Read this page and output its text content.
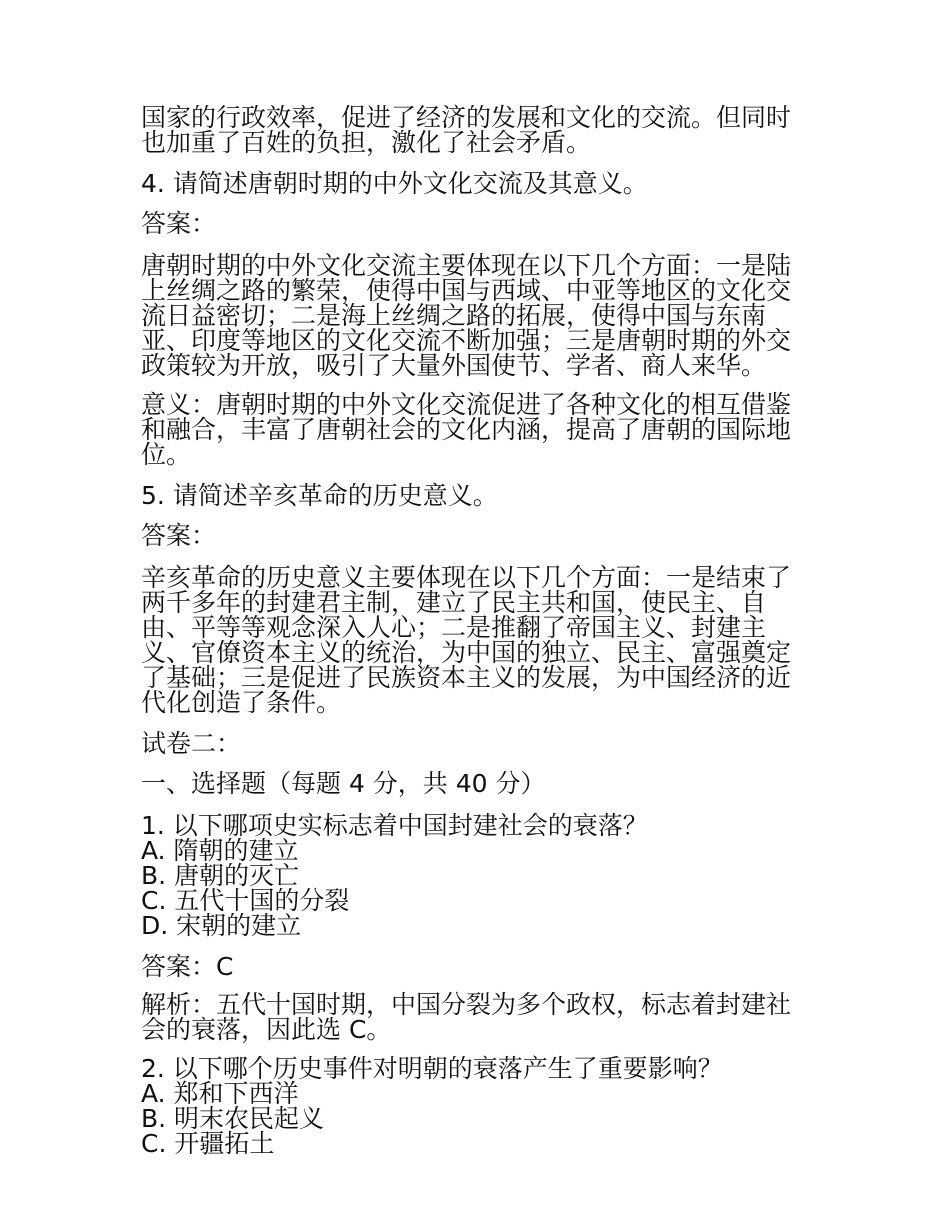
国家的行政效率，促进了经济的发展和文化的交流。但同时也加重了百姓的负担，激化了社会矛盾。

4. 请简述唐朝时期的中外文化交流及其意义。

答案：

唐朝时期的中外文化交流主要体现在以下几个方面：一是陆上丝绸之路的繁荣，使得中国与西域、中亚等地区的文化交流日益密切；二是海上丝绸之路的拓展，使得中国与东南亚、印度等地区的文化交流不断加强；三是唐朝时期的外交政策较为开放，吸引了大量外国使节、学者、商人来华。

意义：唐朝时期的中外文化交流促进了各种文化的相互借鉴和融合，丰富了唐朝社会的文化内涵，提高了唐朝的国际地位。

5. 请简述辛亥革命的历史意义。

答案：

辛亥革命的历史意义主要体现在以下几个方面：一是结束了两千多年的封建君主制，建立了民主共和国，使民主、自由、平等等观念深入人心；二是推翻了帝国主义、封建主义、官僚资本主义的统治，为中国的独立、民主、富强奠定了基础；三是促进了民族资本主义的发展，为中国经济的近代化创造了条件。

试卷二：

一、选择题（每题 4 分，共 40 分）

1. 以下哪项史实标志着中国封建社会的衰落？

A. 隋朝的建立

B. 唐朝的灭亡

C. 五代十国的分裂

D. 宋朝的建立

答案：C

解析：五代十国时期，中国分裂为多个政权，标志着封建社会的衰落，因此选 C。

2. 以下哪个历史事件对明朝的衰落产生了重要影响？

A. 郑和下西洋

B. 明末农民起义

C. 开疆拓土
